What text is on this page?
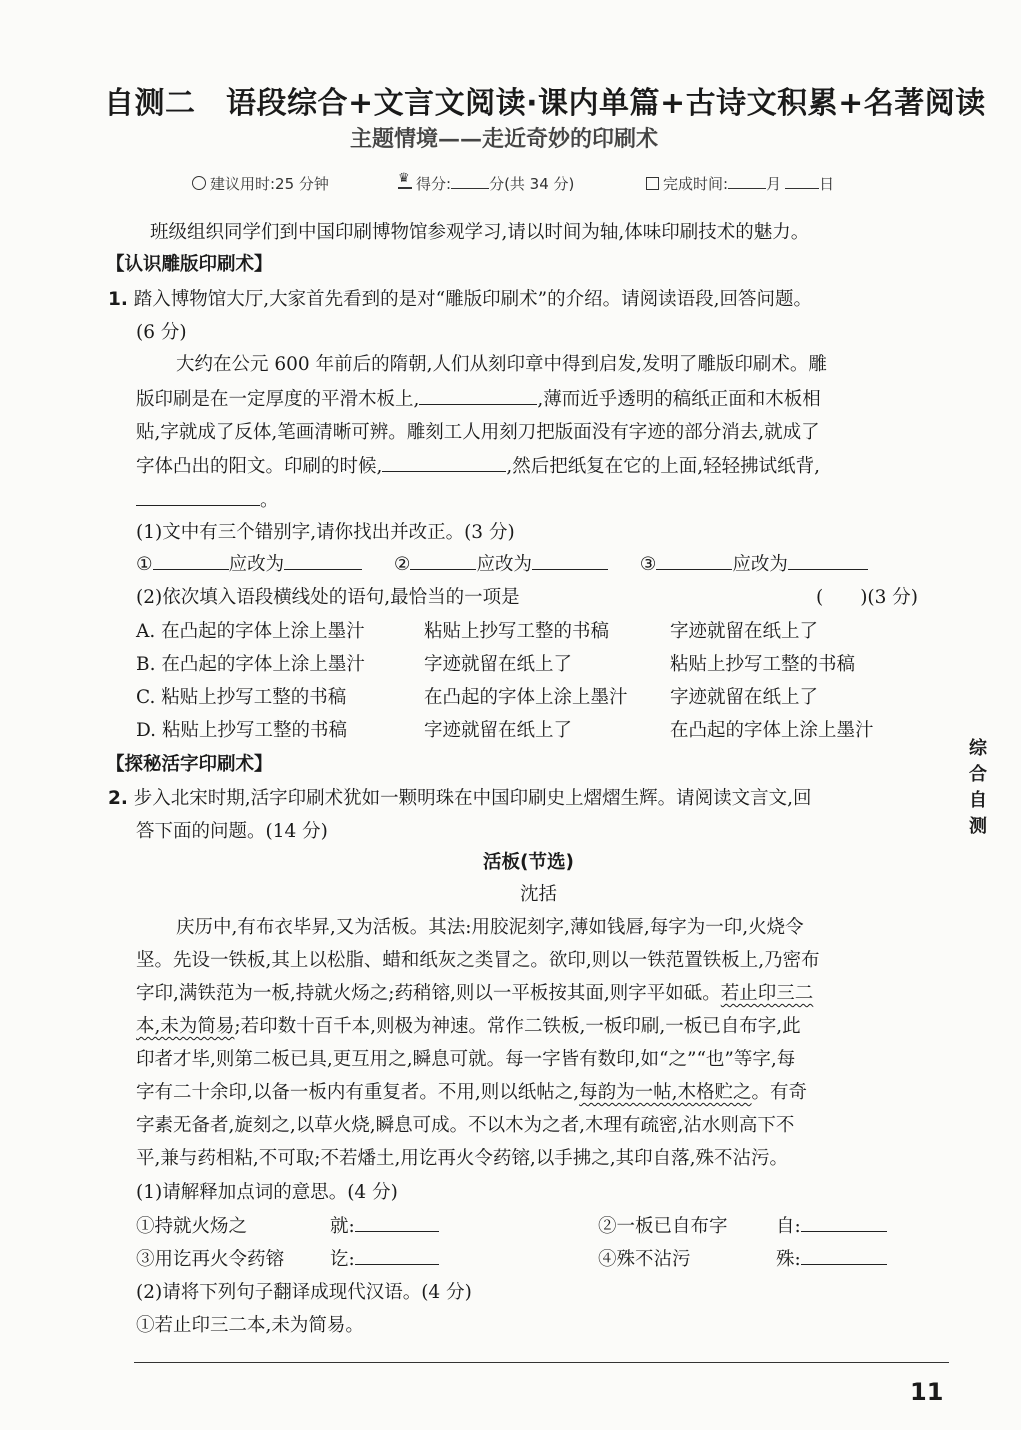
自测二　语段综合+文言文阅读·课内单篇+古诗文积累+名著阅读
主题情境——走近奇妙的印刷术
建议用时:25 分钟
♛	得分:	分(共 34 分)	完成时间:	月	日
班级组织同学们到中国印刷博物馆参观学习,请以时间为轴,体味印刷技术的魅力。
【认识雕版印刷术】
1. 踏入博物馆大厅,大家首先看到的是对“雕版印刷术”的介绍。请阅读语段,回答问题。
(6 分)
大约在公元 600 年前后的隋朝,人们从刻印章中得到启发,发明了雕版印刷术。雕
版印刷是在一定厚度的平滑木板上,	,薄而近乎透明的稿纸正面和木板相
贴,字就成了反体,笔画清晰可辨。雕刻工人用刻刀把版面没有字迹的部分消去,就成了
字体凸出的阳文。印刷的时候,	,然后把纸复在它的上面,轻轻拂试纸背,
。
(1)文中有三个错别字,请你找出并改正。(3 分)
①	应改为	②	应改为	③	应改为
(2)依次填入语段横线处的语句,最恰当的一项是	(　　)(3 分)
A. 在凸起的字体上涂上墨汁	粘贴上抄写工整的书稿	字迹就留在纸上了
B. 在凸起的字体上涂上墨汁	字迹就留在纸上了	粘贴上抄写工整的书稿
C. 粘贴上抄写工整的书稿	在凸起的字体上涂上墨汁 字迹就留在纸上了
D. 粘贴上抄写工整的书稿	字迹就留在纸上了	在凸起的字体上涂上墨汁
【探秘活字印刷术】
2. 步入北宋时期,活字印刷术犹如一颗明珠在中国印刷史上熠熠生辉。请阅读文言文,回
答下面的问题。(14 分)
活板(节选)
沈括
庆历中,有布衣毕昇,又为活板。其法:用胶泥刻字,薄如钱唇,每字为一印,火烧令
坚。先设一铁板,其上以松脂、蜡和纸灰之类冒之。欲印,则以一铁范置铁板上,乃密布
字印,满铁范为一板,持就火炀之;药稍镕,则以一平板按其面,则字平如砥。若止印三二
本,未为简易;若印数十百千本,则极为神速。常作二铁板,一板印刷,一板已自布字,此
印者才毕,则第二板已具,更互用之,瞬息可就。每一字皆有数印,如“之”“也”等字,每
字有二十余印,以备一板内有重复者。不用,则以纸帖之,每韵为一帖,木格贮之。有奇
字素无备者,旋刻之,以草火烧,瞬息可成。不以木为之者,木理有疏密,沾水则高下不
平,兼与药相粘,不可取;不若燔土,用讫再火令药镕,以手拂之,其印自落,殊不沾污。
(1)请解释加点词的意思。(4 分)
①持就火炀之	就:	②一板已自布字	自:
③用讫再火令药镕 讫:	④殊不沾污	殊:
(2)请将下列句子翻译成现代汉语。(4 分)
①若止印三二本,未为简易。
综合自测
11
